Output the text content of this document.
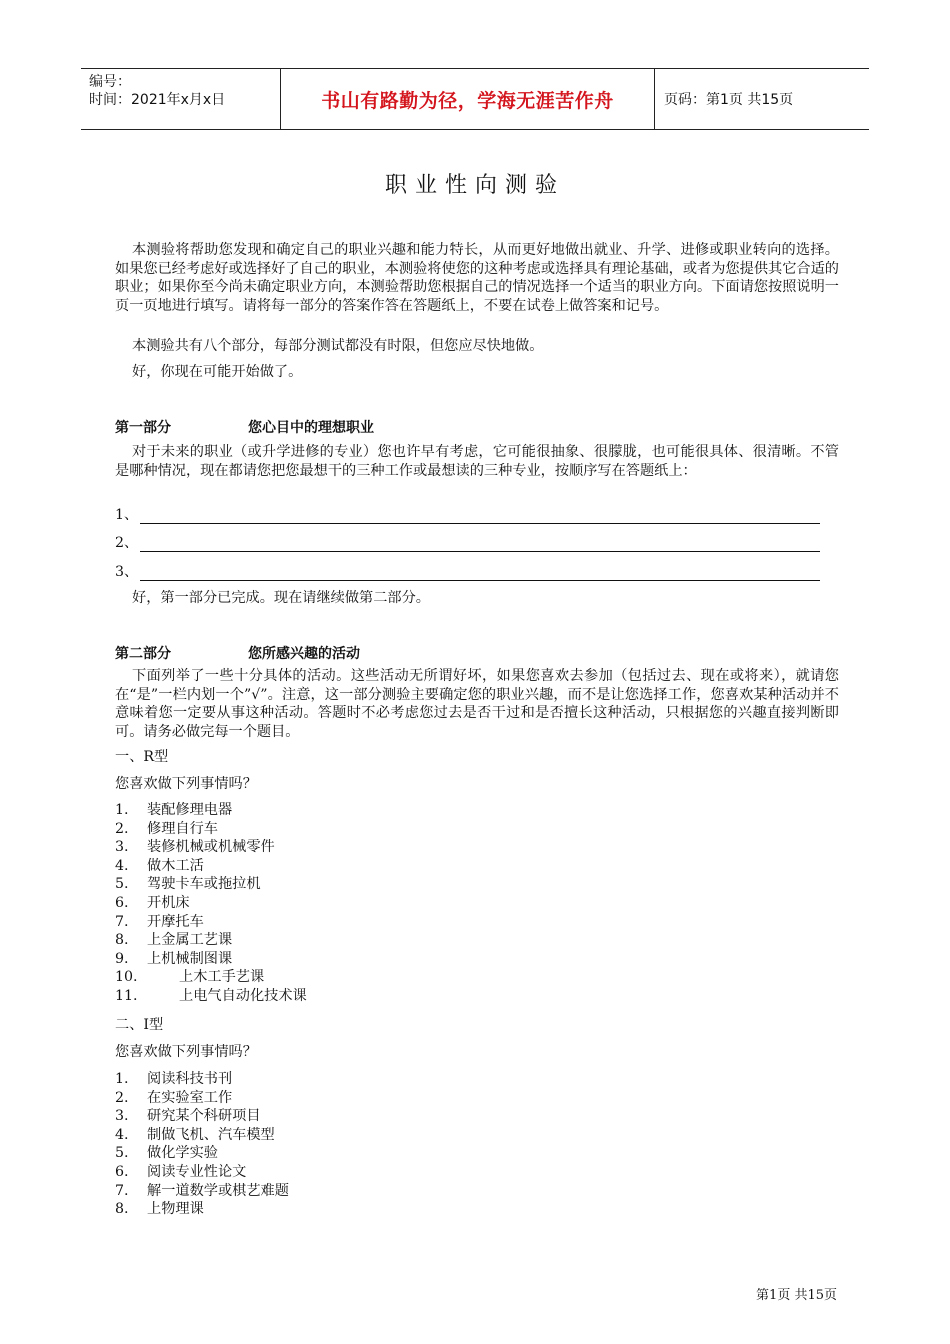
编号：
时间：2021年x月x日	书山有路勤为径，学海无涯苦作舟	页码：第1页 共15页
职业性向测验
本测验将帮助您发现和确定自己的职业兴趣和能力特长，从而更好地做出就业、升学、进修或职业转向的选择。如果您已经考虑好或选择好了自己的职业，本测验将使您的这种考虑或选择具有理论基础，或者为您提供其它合适的职业；如果你至今尚未确定职业方向，本测验帮助您根据自己的情况选择一个适当的职业方向。下面请您按照说明一页一页地进行填写。请将每一部分的答案作答在答题纸上，不要在试卷上做答案和记号。
本测验共有八个部分，每部分测试都没有时限，但您应尽快地做。
好，你现在可能开始做了。
第一部分	您心目中的理想职业
对于未来的职业（或升学进修的专业）您也许早有考虑，它可能很抽象、很朦胧，也可能很具体、很清晰。不管是哪种情况，现在都请您把您最想干的三种工作或最想读的三种专业，按顺序写在答题纸上：
1、
2、
3、
好，第一部分已完成。现在请继续做第二部分。
第二部分	您所感兴趣的活动
下面列举了一些十分具体的活动。这些活动无所谓好坏，如果您喜欢去参加（包括过去、现在或将来），就请您在“是”一栏内划一个”√”。注意，这一部分测验主要确定您的职业兴趣，而不是让您选择工作，您喜欢某种活动并不意味着您一定要从事这种活动。答题时不必考虑您过去是否干过和是否擅长这种活动，只根据您的兴趣直接判断即可。请务必做完每一个题目。
一、R型
您喜欢做下列事情吗？
1. 装配修理电器
2. 修理自行车
3. 装修机械或机械零件
4. 做木工活
5. 驾驶卡车或拖拉机
6. 开机床
7. 开摩托车
8. 上金属工艺课
9. 上机械制图课
10.	上木工手艺课
11.	上电气自动化技术课
二、I型
您喜欢做下列事情吗？
1. 阅读科技书刊
2. 在实验室工作
3. 研究某个科研项目
4. 制做飞机、汽车模型
5. 做化学实验
6. 阅读专业性论文
7. 解一道数学或棋艺难题
8. 上物理课
第1页 共15页
